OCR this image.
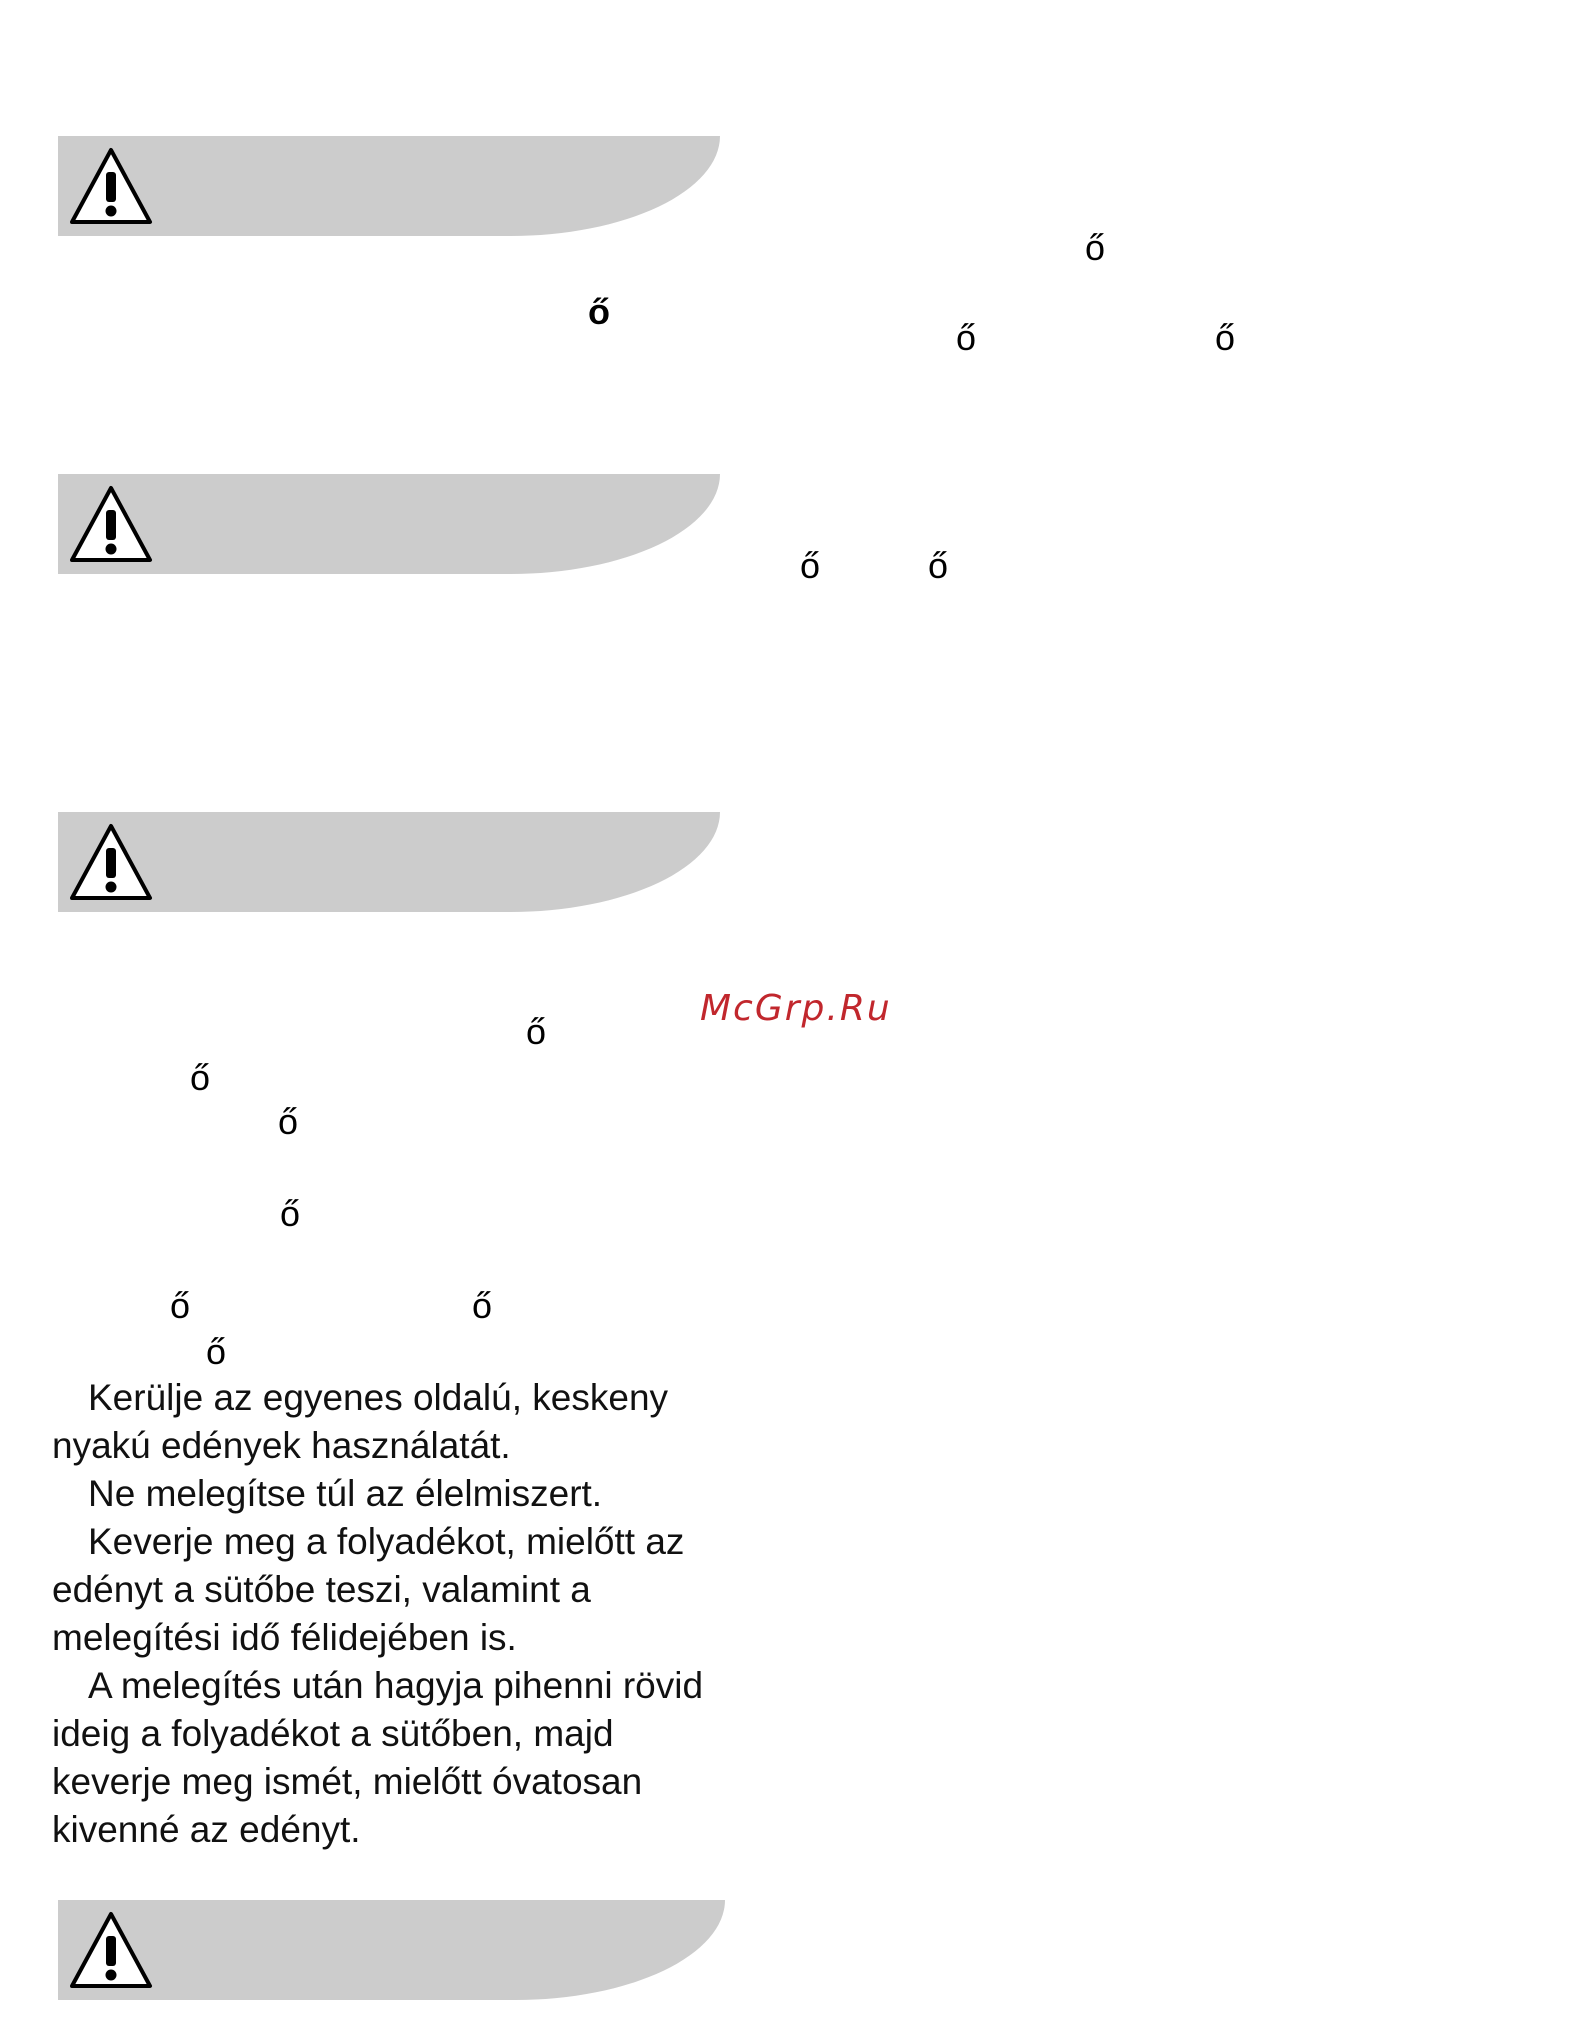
ő
ő
ő	ő
ő	ő
ő
ő
ő
ő
ő	ő
ő
McGrp.Ru
Kerülje az egyenes oldalú, keskeny
nyakú edények használatát.
Ne melegítse túl az élelmiszert.
Keverje meg a folyadékot, mielőtt az
edényt a sütőbe teszi, valamint a
melegítési idő félidejében is.
A melegítés után hagyja pihenni rövid
ideig a folyadékot a sütőben, majd
keverje meg ismét, mielőtt óvatosan
kivenné az edényt.
